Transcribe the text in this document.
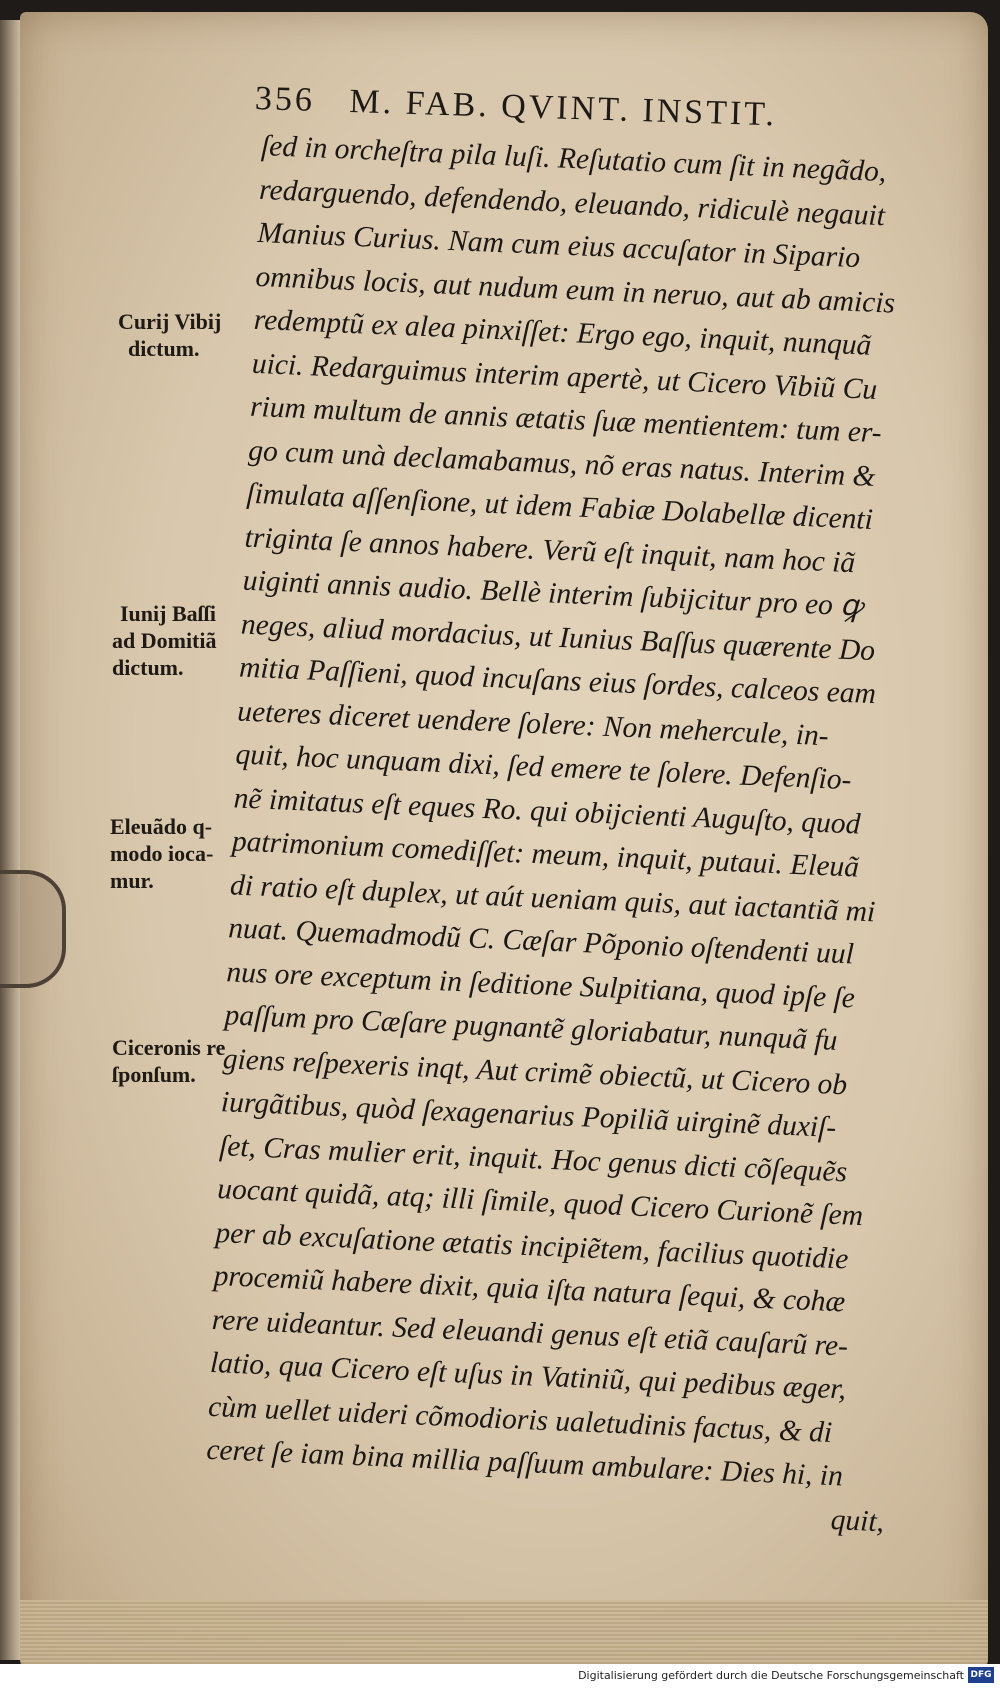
356 M. FAB. QVINT. INSTIT.
ſed in orcheſtra pila luſi. Reſutatio cum ſit in negãdo,
redarguendo, defendendo, eleuando, ridiculè negauit
Manius Curius. Nam cum eius accuſator in Sipario
omnibus locis, aut nudum eum in neruo, aut ab amicis
redemptũ ex alea pinxiſſet: Ergo ego, inquit, nunquã
uici. Redarguimus interim apertè, ut Cicero Vibiũ Cu
rium multum de annis ætatis ſuæ mentientem: tum er-
go cum unà declamabamus, nõ eras natus. Interim &
ſimulata aſſenſione, ut idem Fabiæ Dolabellæ dicenti
triginta ſe annos habere. Verũ eſt inquit, nam hoc iã
uiginti annis audio. Bellè interim ſubijcitur pro eo ꝙ
neges, aliud mordacius, ut Iunius Baſſus quærente Do
mitia Paſſieni, quod incuſans eius ſordes, calceos eam
ueteres diceret uendere ſolere: Non mehercule, in-
quit, hoc unquam dixi, ſed emere te ſolere. Defenſio-
nẽ imitatus eſt eques Ro. qui obijcienti Auguſto, quod
patrimonium comediſſet: meum, inquit, putaui. Eleuã
di ratio eſt duplex, ut aút ueniam quis, aut iactantiã mi
nuat. Quemadmodũ C. Cæſar Põponio oſtendenti uul
nus ore exceptum in ſeditione Sulpitiana, quod ipſe ſe
paſſum pro Cæſare pugnantẽ gloriabatur, nunquã fu
giens reſpexeris inqt, Aut crimẽ obiectũ, ut Cicero ob
iurgãtibus, quòd ſexagenarius Popiliã uirginẽ duxiſ-
ſet, Cras mulier erit, inquit. Hoc genus dicti cõſequẽs
uocant quidã, atq; illi ſimile, quod Cicero Curionẽ ſem
per ab excuſatione ætatis incipiẽtem, facilius quotidie
procemiũ habere dixit, quia iſta natura ſequi, & cohæ
rere uideantur. Sed eleuandi genus eſt etiã cauſarũ re-
latio, qua Cicero eſt uſus in Vatiniũ, qui pedibus æger,
cùm uellet uideri cõmodioris ualetudinis factus, & di
ceret ſe iam bina millia paſſuum ambulare: Dies hi, in
quit,
Curij Vibij
dictum.
Iunij Baſſi
ad Domitiã
dictum.
Eleuãdo q-
modo ioca-
mur.
Ciceronis re
ſponſum.
Digitalisierung gefördert durch die Deutsche Forschungsgemeinschaft DFG
